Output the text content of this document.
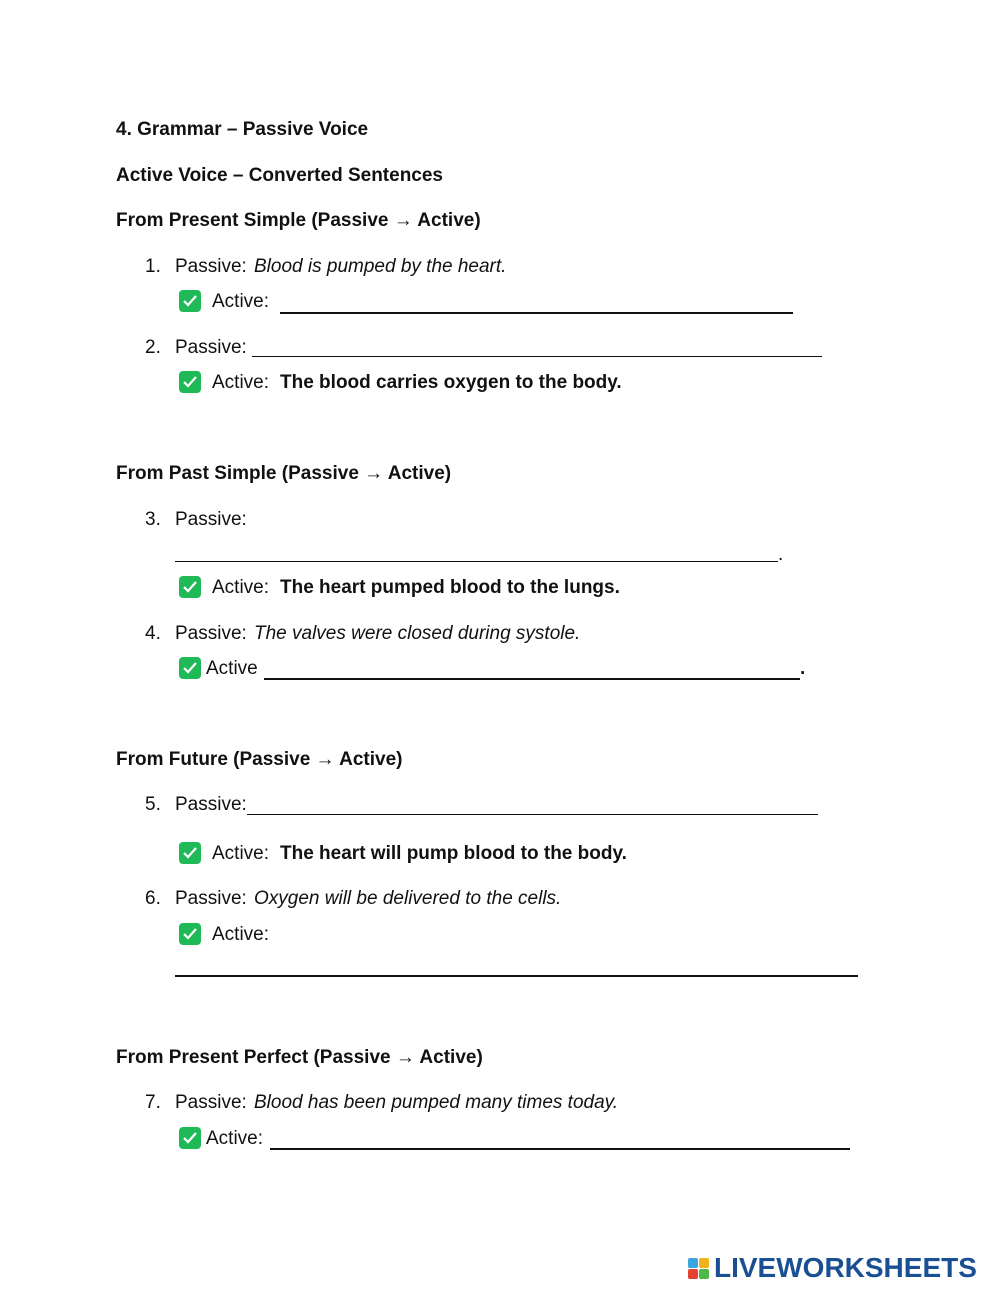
4. Grammar – Passive Voice
Active Voice – Converted Sentences
From Present Simple (Passive → Active)
1. Passive: Blood is pumped by the heart.
Active:
2. Passive:
Active: The blood carries oxygen to the body.
From Past Simple (Passive → Active)
3. Passive:
.
Active: The heart pumped blood to the lungs.
4. Passive: The valves were closed during systole.
Active	.
From Future (Passive → Active)
5. Passive:
Active: The heart will pump blood to the body.
6. Passive: Oxygen will be delivered to the cells.
Active:
From Present Perfect (Passive → Active)
7. Passive: Blood has been pumped many times today.
Active:
LIVEWORKSHEETS
